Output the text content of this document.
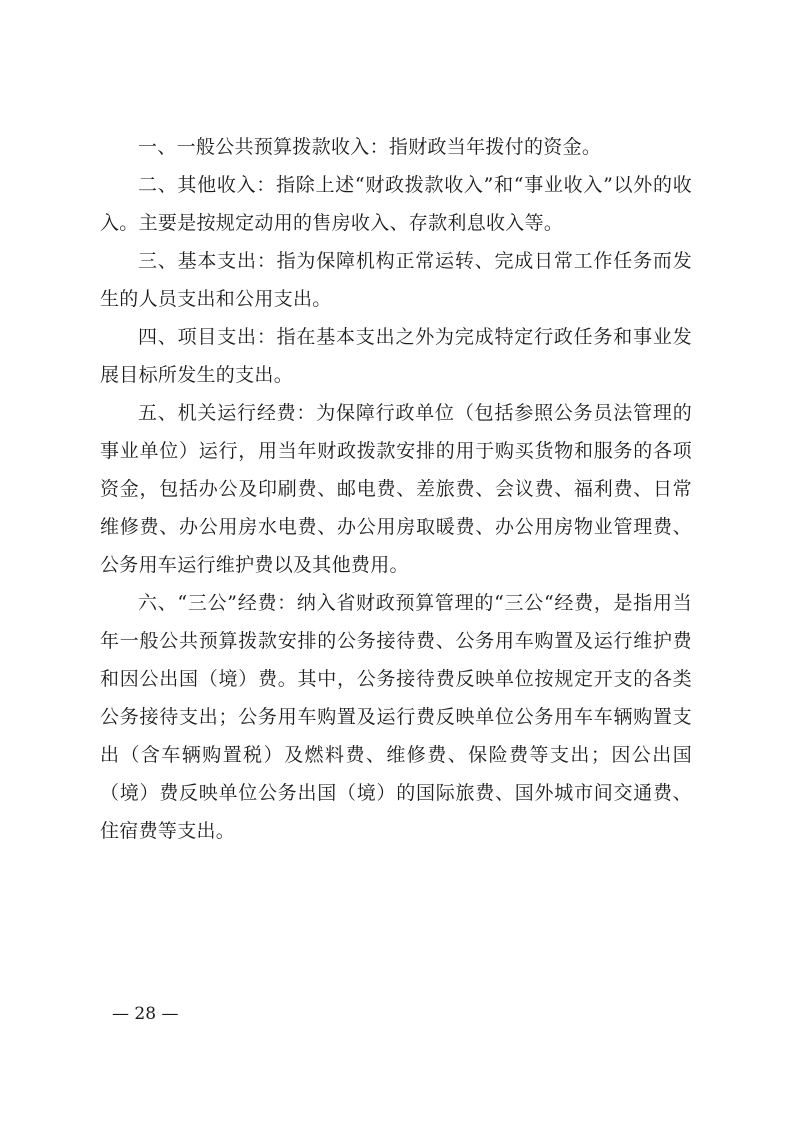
一、一般公共预算拨款收入：指财政当年拨付的资金。

二、其他收入：指除上述“财政拨款收入”和“事业收入”以外的收入。主要是按规定动用的售房收入、存款利息收入等。

三、基本支出：指为保障机构正常运转、完成日常工作任务而发生的人员支出和公用支出。

四、项目支出：指在基本支出之外为完成特定行政任务和事业发展目标所发生的支出。

五、机关运行经费：为保障行政单位（包括参照公务员法管理的事业单位）运行，用当年财政拨款安排的用于购买货物和服务的各项资金，包括办公及印刷费、邮电费、差旅费、会议费、福利费、日常维修费、办公用房水电费、办公用房取暖费、办公用房物业管理费、公务用车运行维护费以及其他费用。

六、“三公”经费：纳入省财政预算管理的“三公“经费，是指用当年一般公共预算拨款安排的公务接待费、公务用车购置及运行维护费和因公出国（境）费。其中，公务接待费反映单位按规定开支的各类公务接待支出；公务用车购置及运行费反映单位公务用车车辆购置支出（含车辆购置税）及燃料费、维修费、保险费等支出；因公出国（境）费反映单位公务出国（境）的国际旅费、国外城市间交通费、住宿费等支出。

— 28 —
